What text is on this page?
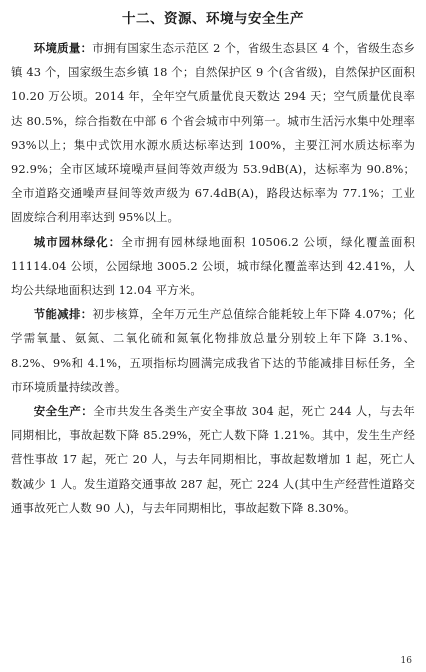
十二、资源、环境与安全生产

环境质量：市拥有国家生态示范区 2 个，省级生态县区 4 个，省级生态乡镇 43 个，国家级生态乡镇 18 个；自然保护区 9 个(含省级)，自然保护区面积 10.20 万公顷。2014 年，全年空气质量优良天数达 294 天；空气质量优良率达 80.5%，综合指数在中部 6 个省会城市中列第一。城市生活污水集中处理率 93%以上；集中式饮用水源水质达标率达到 100%，主要江河水质达标率为 92.9%；全市区域环境噪声昼间等效声级为 53.9dB(A)，达标率为 90.8%；全市道路交通噪声昼间等效声级为 67.4dB(A)，路段达标率为 77.1%；工业固废综合利用率达到 95%以上。

城市园林绿化：全市拥有园林绿地面积 10506.2 公顷，绿化覆盖面积 11114.04 公顷，公园绿地 3005.2 公顷，城市绿化覆盖率达到 42.41%，人均公共绿地面积达到 12.04 平方米。

节能减排：初步核算，全年万元生产总值综合能耗较上年下降 4.07%；化学需氧量、氨氮、二氧化硫和氮氧化物排放总量分别较上年下降 3.1%、8.2%、9%和 4.1%，五项指标均圆满完成我省下达的节能减排目标任务，全市环境质量持续改善。

安全生产：全市共发生各类生产安全事故 304 起，死亡 244 人，与去年同期相比，事故起数下降 85.29%，死亡人数下降 1.21%。其中，发生生产经营性事故 17 起，死亡 20 人，与去年同期相比，事故起数增加 1 起，死亡人数减少 1 人。发生道路交通事故 287 起，死亡 224 人(其中生产经营性道路交通事故死亡人数 90 人)，与去年同期相比，事故起数下降 8.30%。

16
